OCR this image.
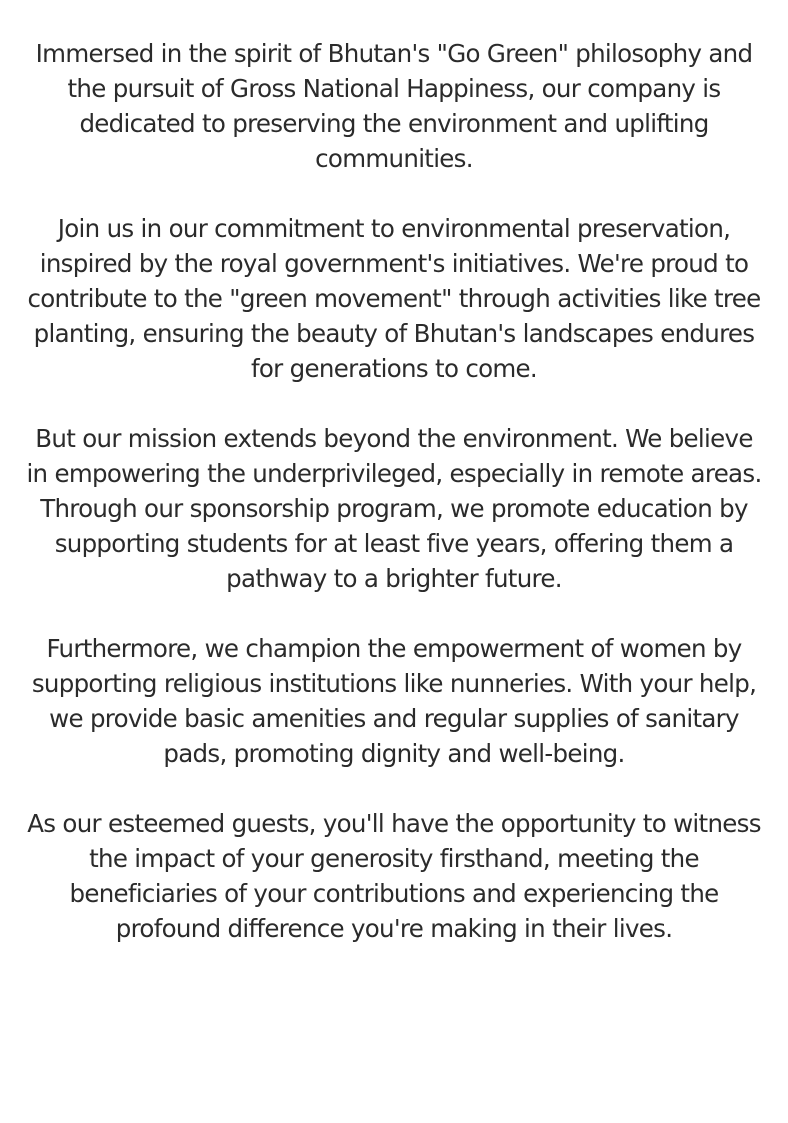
Immersed in the spirit of Bhutan's "Go Green" philosophy and the pursuit of Gross National Happiness, our company is dedicated to preserving the environment and uplifting communities.

Join us in our commitment to environmental preservation, inspired by the royal government's initiatives. We're proud to contribute to the "green movement" through activities like tree planting, ensuring the beauty of Bhutan's landscapes endures for generations to come.

But our mission extends beyond the environment. We believe in empowering the underprivileged, especially in remote areas. Through our sponsorship program, we promote education by supporting students for at least five years, offering them a pathway to a brighter future.

Furthermore, we champion the empowerment of women by supporting religious institutions like nunneries. With your help, we provide basic amenities and regular supplies of sanitary pads, promoting dignity and well-being.

As our esteemed guests, you'll have the opportunity to witness the impact of your generosity firsthand, meeting the beneficiaries of your contributions and experiencing the profound difference you're making in their lives.
